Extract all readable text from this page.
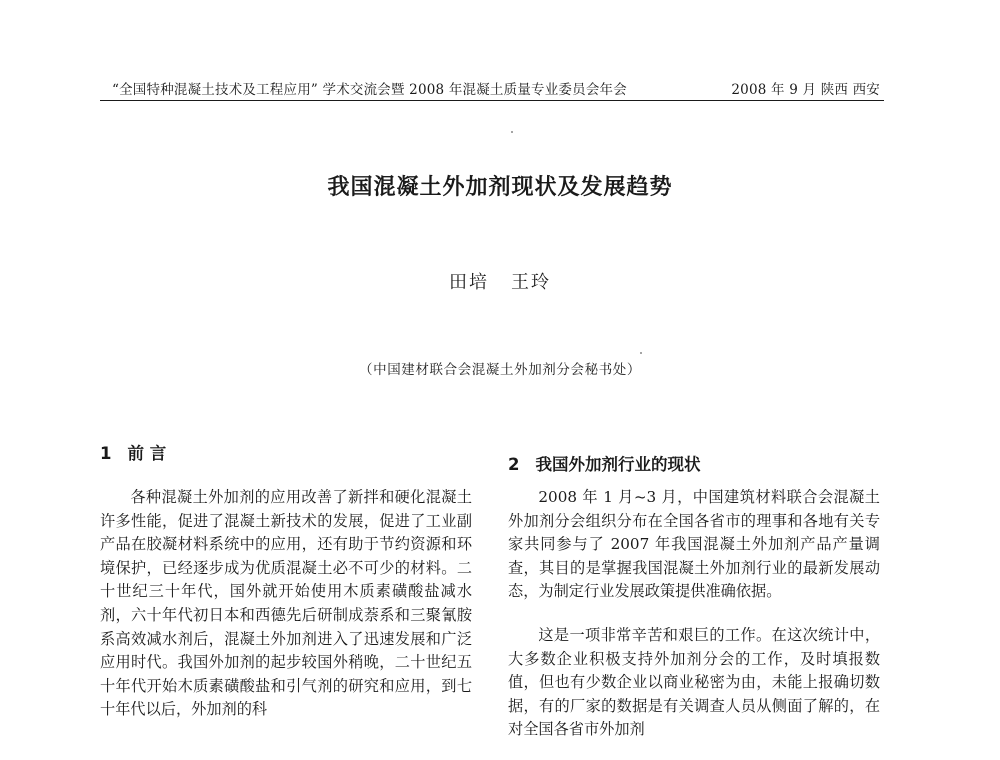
“全国特种混凝土技术及工程应用” 学术交流会暨 2008 年混凝土质量专业委员会年会	2008 年 9 月 陕西 西安
我国混凝土外加剂现状及发展趋势
田培 王玲
（中国建材联合会混凝土外加剂分会秘书处）
1 前 言

各种混凝土外加剂的应用改善了新拌和硬化混凝土许多性能，促进了混凝土新技术的发展，促进了工业副产品在胶凝材料系统中的应用，还有助于节约资源和环境保护，已经逐步成为优质混凝土必不可少的材料。二十世纪三十年代，国外就开始使用木质素磺酸盐减水剂，六十年代初日本和西德先后研制成萘系和三聚氰胺系高效减水剂后，混凝土外加剂进入了迅速发展和广泛应用时代。我国外加剂的起步较国外稍晚，二十世纪五十年代开始木质素磺酸盐和引气剂的研究和应用，到七十年代以后，外加剂的科

2 我国外加剂行业的现状

2008 年 1 月~3 月，中国建筑材料联合会混凝土外加剂分会组织分布在全国各省市的理事和各地有关专家共同参与了 2007 年我国混凝土外加剂产品产量调查，其目的是掌握我国混凝土外加剂行业的最新发展动态，为制定行业发展政策提供准确依据。

这是一项非常辛苦和艰巨的工作。在这次统计中，大多数企业积极支持外加剂分会的工作，及时填报数值，但也有少数企业以商业秘密为由，未能上报确切数据，有的厂家的数据是有关调查人员从侧面了解的，在对全国各省市外加剂
